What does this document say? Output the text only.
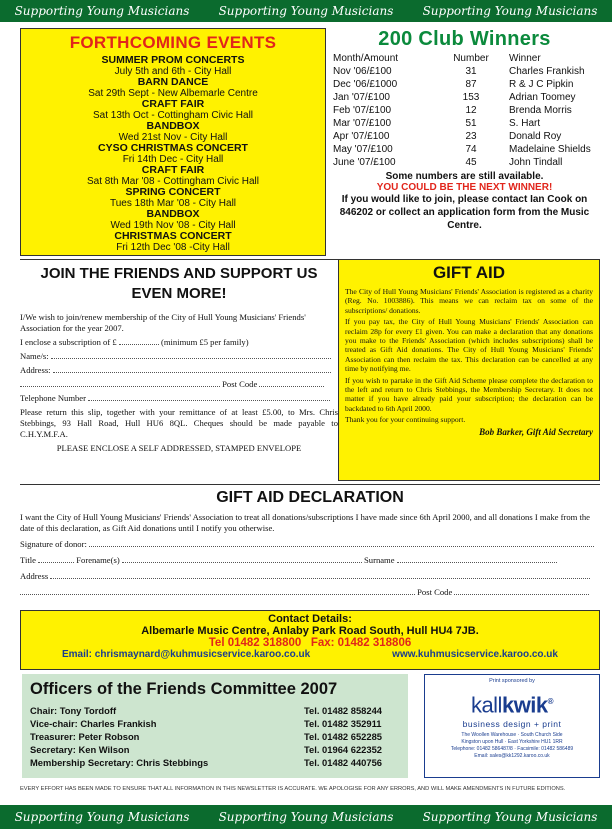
Supporting Young Musicians Supporting Young Musicians Supporting Young Musicians
FORTHCOMING EVENTS
SUMMER PROM CONCERTS
July 5th and 6th - City Hall
BARN DANCE
Sat 29th Sept - New Albemarle Centre
CRAFT FAIR
Sat 13th Oct - Cottingham Civic Hall
BANDBOX
Wed 21st Nov - City Hall
CYSO CHRISTMAS CONCERT
Fri 14th Dec - City Hall
CRAFT FAIR
Sat 8th Mar '08 - Cottingham Civic Hall
SPRING CONCERT
Tues 18th Mar '08 - City Hall
BANDBOX
Wed 19th Nov '08 - City Hall
CHRISTMAS CONCERT
Fri 12th Dec '08 -City Hall
200 Club Winners
Month/Amount	Number	Winner
Nov '06/£100	31	Charles Frankish
Dec '06/£1000	87	R & J C Pipkin
Jan '07/£100	153	Adrian Toomey
Feb '07/£100	12	Brenda Morris
Mar '07/£100	51	S. Hart
Apr '07/£100	23	Donald Roy
May '07/£100	74	Madelaine Shields
June '07/£100	45	John Tindall
Some numbers are still available.
YOU COULD BE THE NEXT WINNER!
If you would like to join, please contact Ian Cook on 846202 or collect an application form from the Music Centre.
JOIN THE FRIENDS AND SUPPORT US EVEN MORE!
I/We wish to join/renew membership of the City of Hull Young Musicians' Friends' Association for the year 2007.
I enclose a subscription of £	(minimum £5 per family)
Name/s:
Address:
Post Code
Telephone Number
Please return this slip, together with your remittance of at least £5.00, to Mrs. Chris Stebbings, 93 Hall Road, Hull HU6 8QL. Cheques should be made payable to C.H.Y.M.F.A.
PLEASE ENCLOSE A SELF ADDRESSED, STAMPED ENVELOPE
GIFT AID

The City of Hull Young Musicians' Friends' Association is registered as a charity (Reg. No. 1003886). This means we can reclaim tax on some of the subscriptions/ donations.

If you pay tax, the City of Hull Young Musicians' Friends' Association can reclaim 28p for every £1 given. You can make a declaration that any donations you make to the Friends' Association (which includes subscriptions) shall be treated as Gift Aid donations. The City of Hull Young Musicians' Friends' Association can then reclaim the tax. This declaration can be cancelled at any time by notifying me.

If you wish to partake in the Gift Aid Scheme please complete the declaration to the left and return to Chris Stebbings, the Membership Secretary. It does not matter if you have already paid your subscription; the declaration can be backdated to 6th April 2000.

Thank you for your continuing support.

Bob Barker, Gift Aid Secretary
GIFT AID DECLARATION
I want the City of Hull Young Musicians' Friends' Association to treat all donations/subscriptions I have made since 6th April 2000, and all donations I make from the date of this declaration, as Gift Aid donations until I notify you otherwise.
Signature of donor:
Title	Forename(s)	Surname
Address
Post Code
Contact Details:
Albemarle Music Centre, Anlaby Park Road South, Hull HU4 7JB.
Tel 01482 318800   Fax: 01482 318806
Email: chrismaynard@kuhmusicservice.karoo.co.uk	www.kuhmusicservice.karoo.co.uk
Officers of the Friends Committee 2007
Chair: Tony Tordoff	Tel. 01482 858244
Vice-chair: Charles Frankish	Tel. 01482 352911
Treasurer: Peter Robson	Tel. 01482 652285
Secretary: Ken Wilson	Tel. 01964 622352
Membership Secretary: Chris Stebbings	Tel. 01482 440756
Print sponsored by
kallkwik®
business design + print
The Woollen Warehouse · South Church Side
Kingston upon Hull · East Yorkshire HU1 1RR
Telephone: 01482 586487/8 · Facsimile: 01482 586489
Email: sales@kk1292.karoo.co.uk
EVERY EFFORT HAS BEEN MADE TO ENSURE THAT ALL INFORMATION IN THIS NEWSLETTER IS ACCURATE. WE APOLOGISE FOR ANY ERRORS, AND WILL MAKE AMENDMENTS IN FUTURE EDITIONS.
Supporting Young Musicians Supporting Young Musicians Supporting Young Musicians
